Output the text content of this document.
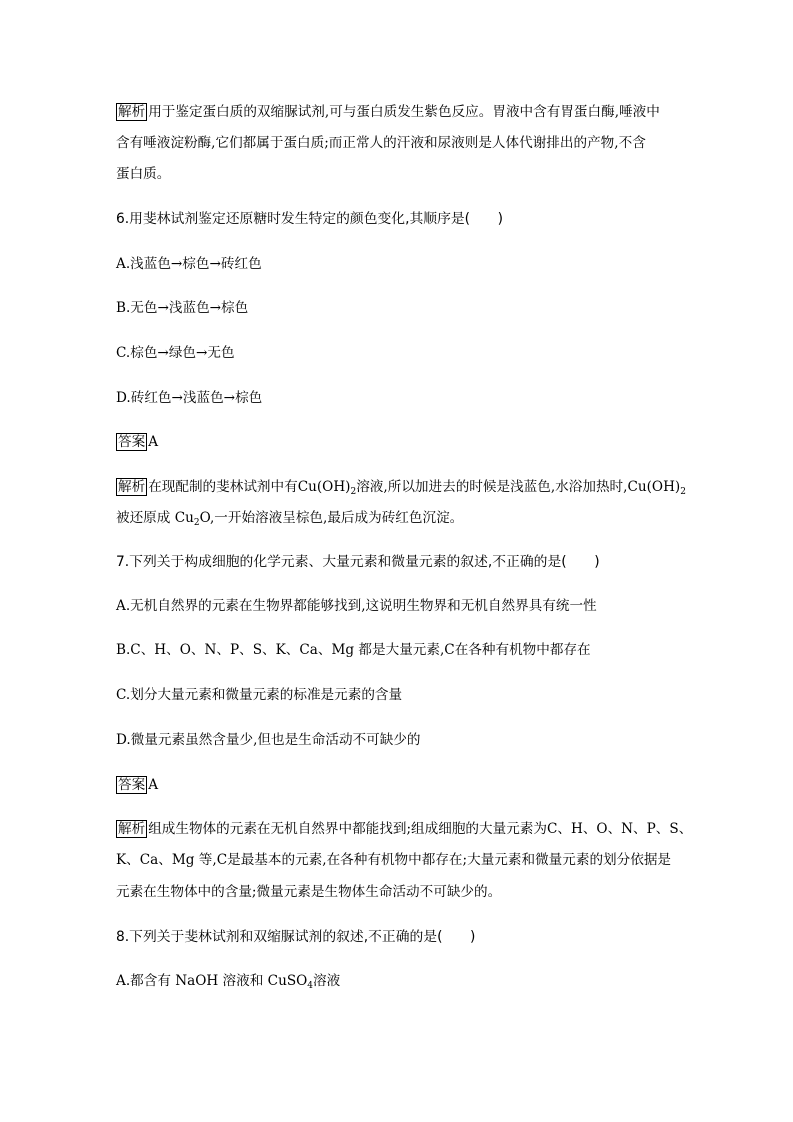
解析 用于鉴定蛋白质的双缩脲试剂,可与蛋白质发生紫色反应。胃液中含有胃蛋白酶,唾液中
含有唾液淀粉酶,它们都属于蛋白质;而正常人的汗液和尿液则是人体代谢排出的产物,不含
蛋白质。
6.用斐林试剂鉴定还原糖时发生特定的颜色变化,其顺序是(　　)
A.浅蓝色→棕色→砖红色
B.无色→浅蓝色→棕色
C.棕色→绿色→无色
D.砖红色→浅蓝色→棕色
答案 A
解析 在现配制的斐林试剂中有$Cu(OH)_2$溶液,所以加进去的时候是浅蓝色,水浴加热时$,Cu(OH)_2$
被还原成 $Cu_2O$,一开始溶液呈棕色,最后成为砖红色沉淀。
7.下列关于构成细胞的化学元素、大量元素和微量元素的叙述,不正确的是(　　)
A.无机自然界的元素在生物界都能够找到,这说明生物界和无机自然界具有统一性
B.C、H、O、N、P、S、K、Ca、Mg 都是大量元素,C在各种有机物中都存在
C.划分大量元素和微量元素的标准是元素的含量
D.微量元素虽然含量少,但也是生命活动不可缺少的
答案 A
解析 组成生物体的元素在无机自然界中都能找到;组成细胞的大量元素为C、H、O、N、P、S、
K、Ca、Mg 等,C是最基本的元素,在各种有机物中都存在;大量元素和微量元素的划分依据是
元素在生物体中的含量;微量元素是生物体生命活动不可缺少的。
8.下列关于斐林试剂和双缩脲试剂的叙述,不正确的是(　　)
A.都含有 NaOH 溶液和 CuSO$_4$溶液
